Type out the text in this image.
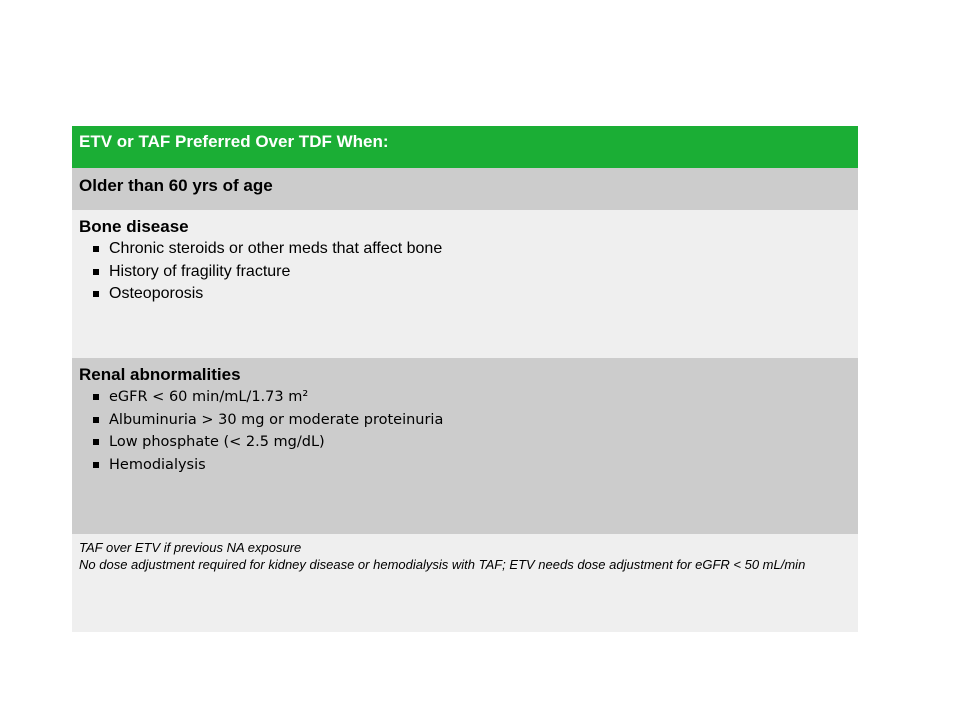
ETV or TAF Preferred Over TDF When:
Older than 60 yrs of age
Bone disease
Chronic steroids or other meds that affect bone
History of fragility fracture
Osteoporosis
Renal abnormalities
eGFR < 60 min/mL/1.73 m²
Albuminuria > 30 mg or moderate proteinuria
Low phosphate (< 2.5 mg/dL)
Hemodialysis
TAF over ETV if previous NA exposure
No dose adjustment required for kidney disease or hemodialysis with TAF; ETV needs dose adjustment for eGFR < 50 mL/min
